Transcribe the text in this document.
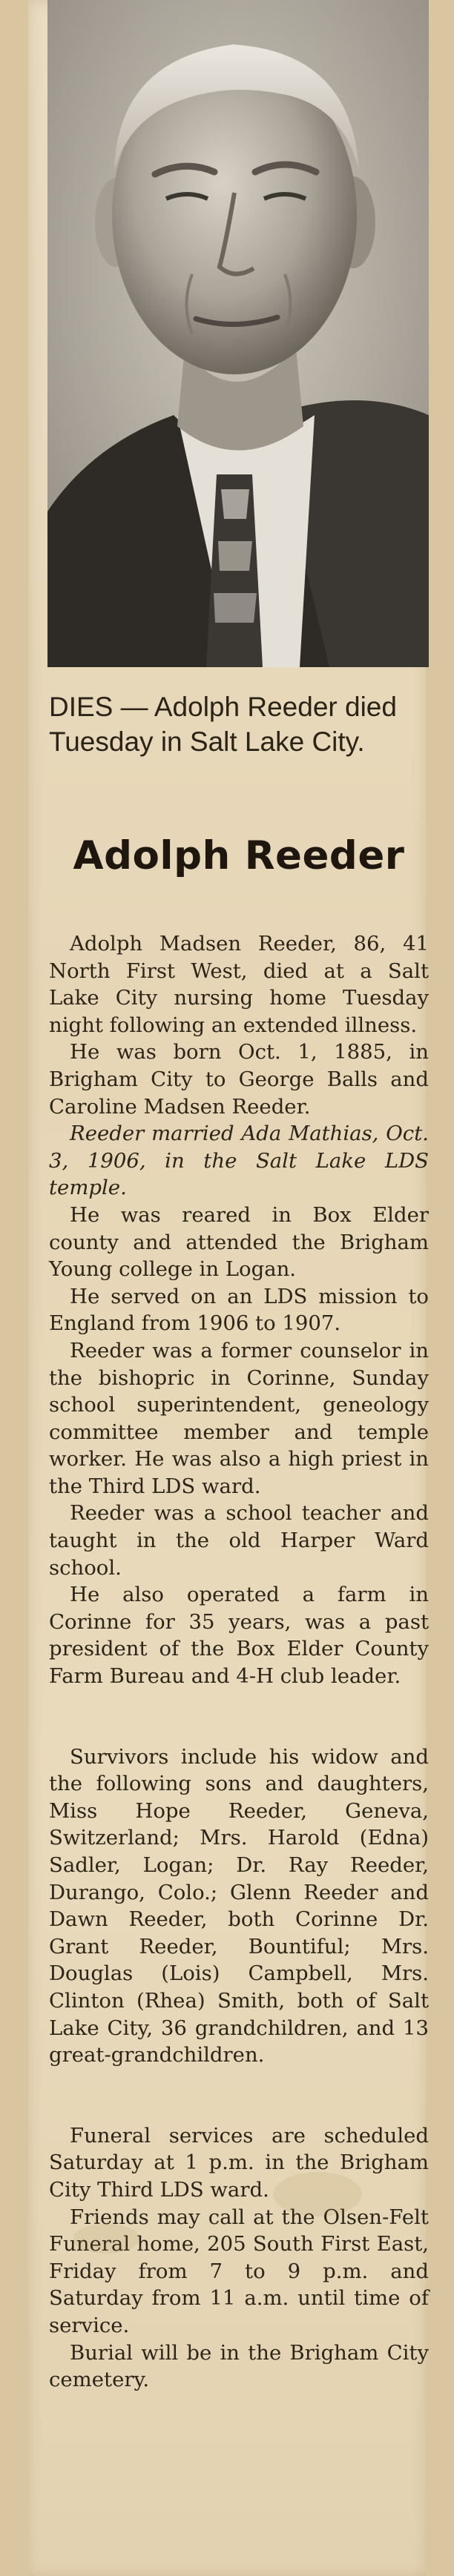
DIES — Adolph Reeder died Tuesday in Salt Lake City.

Adolph Reeder

Adolph Madsen Reeder, 86, 41 North First West, died at a Salt Lake City nursing home Tuesday night following an extended illness.

He was born Oct. 1, 1885, in Brigham City to George Balls and Caroline Madsen Reeder.

Reeder married Ada Mathias, Oct. 3, 1906, in the Salt Lake LDS temple.

He was reared in Box Elder county and attended the Brigham Young college in Logan.

He served on an LDS mission to England from 1906 to 1907.

Reeder was a former counselor in the bishopric in Corinne, Sunday school superintendent, geneology committee member and temple worker. He was also a high priest in the Third LDS ward.

Reeder was a school teacher and taught in the old Harper Ward school.

He also operated a farm in Corinne for 35 years, was a past president of the Box Elder County Farm Bureau and 4-H club leader.

Survivors include his widow and the following sons and daughters, Miss Hope Reeder, Geneva, Switzerland; Mrs. Harold (Edna) Sadler, Logan; Dr. Ray Reeder, Durango, Colo.; Glenn Reeder and Dawn Reeder, both Corinne Dr. Grant Reeder, Bountiful; Mrs. Douglas (Lois) Campbell, Mrs. Clinton (Rhea) Smith, both of Salt Lake City, 36 grandchildren, and 13 great-grandchildren.

Funeral services are scheduled Saturday at 1 p.m. in the Brigham City Third LDS ward.

Friends may call at the Olsen-Felt Funeral home, 205 South First East, Friday from 7 to 9 p.m. and Saturday from 11 a.m. until time of service.

Burial will be in the Brigham City cemetery.
